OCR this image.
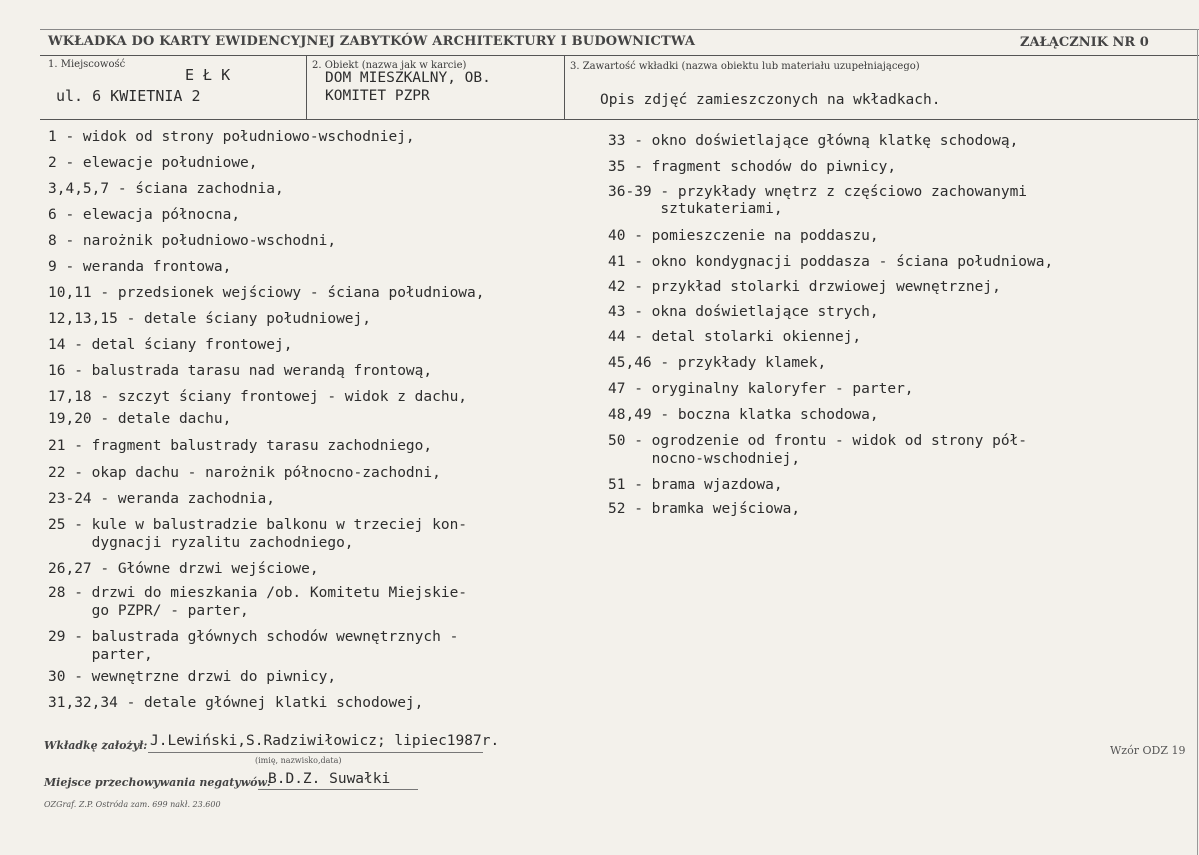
WKŁADKA DO KARTY EWIDENCYJNEJ ZABYTKÓW ARCHITEKTURY I BUDOWNICTWA	ZAŁĄCZNIK NR 0
1. Miejscowość
E Ł K
ul. 6 KWIETNIA 2
2. Obiekt (nazwa jak w karcie)
DOM MIESZKALNY, OB.
KOMITET PZPR
3. Zawartość wkładki (nazwa obiektu lub materiału uzupełniającego)
Opis zdjęć zamieszczonych na wkładkach.
1 - widok od strony południowo-wschodniej,
2 - elewacje południowe,
3,4,5,7 - ściana zachodnia,
6 - elewacja północna,
8 - narożnik południowo-wschodni,
9 - weranda frontowa,
10,11 - przedsionek wejściowy - ściana południowa,
12,13,15 - detale ściany południowej,
14 - detal ściany frontowej,
16 - balustrada tarasu nad werandą frontową,
17,18 - szczyt ściany frontowej - widok z dachu,
19,20 - detale dachu,
21 - fragment balustrady tarasu zachodniego,
22 - okap dachu - narożnik północno-zachodni,
23-24 - weranda zachodnia,
25 - kule w balustradzie balkonu w trzeciej kon-
dygnacji ryzalitu zachodniego,
26,27 - Główne drzwi wejściowe,
28 - drzwi do mieszkania /ob. Komitetu Miejskie-
go PZPR/ - parter,
29 - balustrada głównych schodów wewnętrznych -
parter,
30 - wewnętrzne drzwi do piwnicy,
31,32,34 - detale głównej klatki schodowej,
33 - okno doświetlające główną klatkę schodową,
35 - fragment schodów do piwnicy,
36-39 - przykłady wnętrz z częściowo zachowanymi
sztukateriami,
40 - pomieszczenie na poddaszu,
41 - okno kondygnacji poddasza - ściana południowa,
42 - przykład stolarki drzwiowej wewnętrznej,
43 - okna doświetlające strych,
44 - detal stolarki okiennej,
45,46 - przykłady klamek,
47 - oryginalny kaloryfer - parter,
48,49 - boczna klatka schodowa,
50 - ogrodzenie od frontu - widok od strony pół-
nocno-wschodniej,
51 - brama wjazdowa,
52 - bramka wejściowa,
Wkładkę założył: J.Lewiński,S.Radziwiłowicz; lipiec1987r.
(imię, nazwisko,data)
Wzór ODZ 19
Miejsce przechowywania negatywów:
B.D.Z. Suwałki
OZGraf. Z.P. Ostróda zam. 699 nakł. 23.600
